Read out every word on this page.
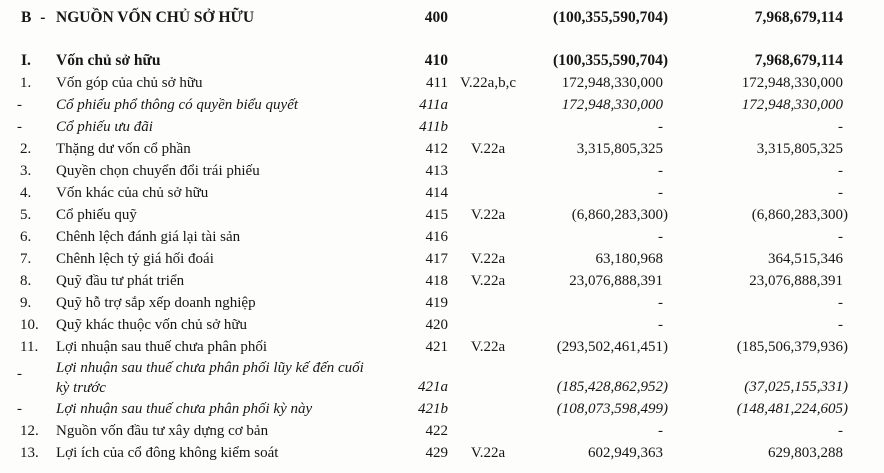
B -	NGUỒN VỐN CHỦ SỞ HỮU	400		(100,355,590,704)	7,968,679,114

I.	Vốn chủ sở hữu	410		(100,355,590,704)	7,968,679,114
1.	Vốn góp của chủ sở hữu	411	V.22a,b,c	172,948,330,000	172,948,330,000
-	Cổ phiếu phổ thông có quyền biểu quyết	411a		172,948,330,000	172,948,330,000
-	Cổ phiếu ưu đãi	411b		-	-
2.	Thặng dư vốn cổ phần	412	V.22a	3,315,805,325	3,315,805,325
3.	Quyền chọn chuyển đổi trái phiếu	413		-	-
4.	Vốn khác của chủ sở hữu	414		-	-
5.	Cổ phiếu quỹ	415	V.22a	(6,860,283,300)	(6,860,283,300)
6.	Chênh lệch đánh giá lại tài sản	416		-	-
7.	Chênh lệch tỷ giá hối đoái	417	V.22a	63,180,968	364,515,346
8.	Quỹ đầu tư phát triển	418	V.22a	23,076,888,391	23,076,888,391
9.	Quỹ hỗ trợ sắp xếp doanh nghiệp	419		-	-
10.	Quỹ khác thuộc vốn chủ sở hữu	420		-	-
11.	Lợi nhuận sau thuế chưa phân phối	421	V.22a	(293,502,461,451)	(185,506,379,936)
-	Lợi nhuận sau thuế chưa phân phối lũy kế đến cuối
kỳ trước	421a		(185,428,862,952)	(37,025,155,331)
-	Lợi nhuận sau thuế chưa phân phối kỳ này	421b		(108,073,598,499)	(148,481,224,605)
12.	Nguồn vốn đầu tư xây dựng cơ bản	422		-	-
13.	Lợi ích của cổ đông không kiểm soát	429	V.22a	602,949,363	629,803,288
